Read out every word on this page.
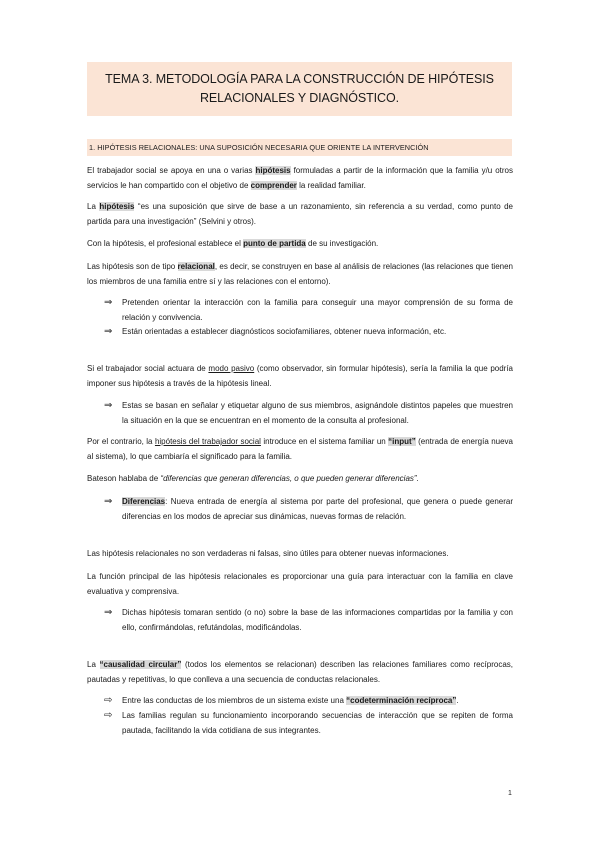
TEMA 3. METODOLOGÍA PARA LA CONSTRUCCIÓN DE HIPÓTESIS
RELACIONALES Y DIAGNÓSTICO.
1. HIPÓTESIS RELACIONALES: UNA SUPOSICIÓN NECESARIA QUE ORIENTE LA INTERVENCIÓN
El trabajador social se apoya en una o varias hipótesis formuladas a partir de la información que la familia y/u otros servicios le han compartido con el objetivo de comprender la realidad familiar.
La hipótesis “es una suposición que sirve de base a un razonamiento, sin referencia a su verdad, como punto de partida para una investigación” (Selvini y otros).
Con la hipótesis, el profesional establece el punto de partida de su investigación.
Las hipótesis son de tipo relacional, es decir, se construyen en base al análisis de relaciones (las relaciones que tienen los miembros de una familia entre sí y las relaciones con el entorno).
⇒ Pretenden orientar la interacción con la familia para conseguir una mayor comprensión de su forma de relación y convivencia.
⇒ Están orientadas a establecer diagnósticos sociofamiliares, obtener nueva información, etc.
Si el trabajador social actuara de modo pasivo (como observador, sin formular hipótesis), sería la familia la que podría imponer sus hipótesis a través de la hipótesis lineal.
⇒ Estas se basan en señalar y etiquetar alguno de sus miembros, asignándole distintos papeles que muestren la situación en la que se encuentran en el momento de la consulta al profesional.
Por el contrario, la hipótesis del trabajador social introduce en el sistema familiar un “input” (entrada de energía nueva al sistema), lo que cambiaría el significado para la familia.
Bateson hablaba de “diferencias que generan diferencias, o que pueden generar diferencias”.
⇒ Diferencias: Nueva entrada de energía al sistema por parte del profesional, que genera o puede generar diferencias en los modos de apreciar sus dinámicas, nuevas formas de relación.
Las hipótesis relacionales no son verdaderas ni falsas, sino útiles para obtener nuevas informaciones.
La función principal de las hipótesis relacionales es proporcionar una guía para interactuar con la familia en clave evaluativa y comprensiva.
⇒ Dichas hipótesis tomaran sentido (o no) sobre la base de las informaciones compartidas por la familia y con ello, confirmándolas, refutándolas, modificándolas.
La “causalidad circular” (todos los elementos se relacionan) describen las relaciones familiares como recíprocas, pautadas y repetitivas, lo que conlleva a una secuencia de conductas relacionales.
⇨ Entre las conductas de los miembros de un sistema existe una “codeterminación recíproca”.
⇨ Las familias regulan su funcionamiento incorporando secuencias de interacción que se repiten de forma pautada, facilitando la vida cotidiana de sus integrantes.
1
